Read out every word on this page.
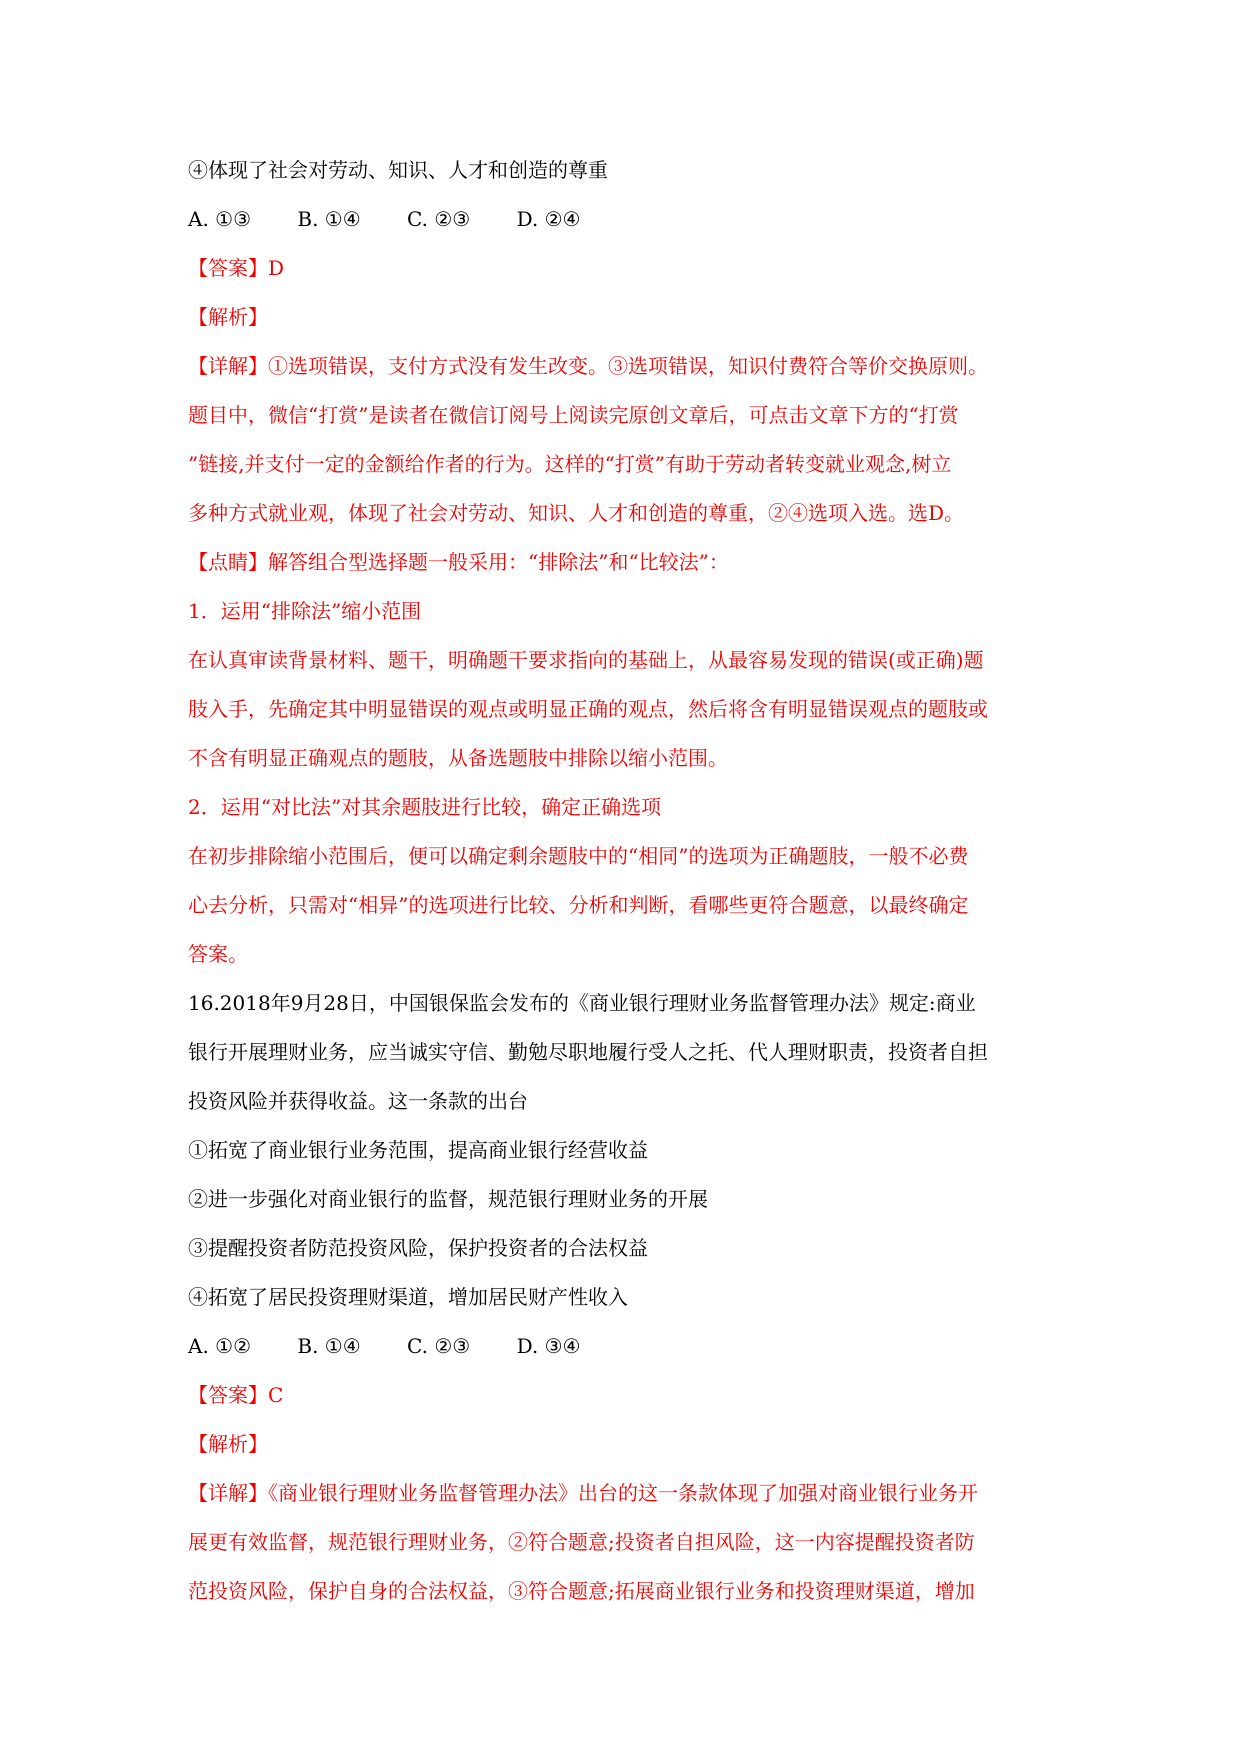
④体现了社会对劳动、知识、人才和创造的尊重
A. ①③ B. ①④ C. ②③ D. ②④
【答案】D
【解析】
【详解】①选项错误，支付方式没有发生改变。③选项错误，知识付费符合等价交换原则。
题目中，微信“打赏”是读者在微信订阅号上阅读完原创文章后，可点击文章下方的“打赏
”链接,并支付一定的金额给作者的行为。这样的“打赏”有助于劳动者转变就业观念,树立
多种方式就业观，体现了社会对劳动、知识、人才和创造的尊重，②④选项入选。选D。
【点睛】解答组合型选择题一般采用：“排除法”和“比较法”：
1．运用“排除法”缩小范围
在认真审读背景材料、题干，明确题干要求指向的基础上，从最容易发现的错误(或正确)题
肢入手，先确定其中明显错误的观点或明显正确的观点，然后将含有明显错误观点的题肢或
不含有明显正确观点的题肢，从备选题肢中排除以缩小范围。
2．运用“对比法”对其余题肢进行比较，确定正确选项
在初步排除缩小范围后，便可以确定剩余题肢中的“相同”的选项为正确题肢，一般不必费
心去分析，只需对“相异”的选项进行比较、分析和判断，看哪些更符合题意，以最终确定
答案。
16.2018年9月28日，中国银保监会发布的《商业银行理财业务监督管理办法》规定:商业
银行开展理财业务，应当诚实守信、勤勉尽职地履行受人之托、代人理财职责，投资者自担
投资风险并获得收益。这一条款的出台
①拓宽了商业银行业务范围，提高商业银行经营收益
②进一步强化对商业银行的监督，规范银行理财业务的开展
③提醒投资者防范投资风险，保护投资者的合法权益
④拓宽了居民投资理财渠道，增加居民财产性收入
A. ①② B. ①④ C. ②③ D. ③④
【答案】C
【解析】
【详解】《商业银行理财业务监督管理办法》出台的这一条款体现了加强对商业银行业务开
展更有效监督，规范银行理财业务，②符合题意;投资者自担风险，这一内容提醒投资者防
范投资风险，保护自身的合法权益，③符合题意;拓展商业银行业务和投资理财渠道，增加
